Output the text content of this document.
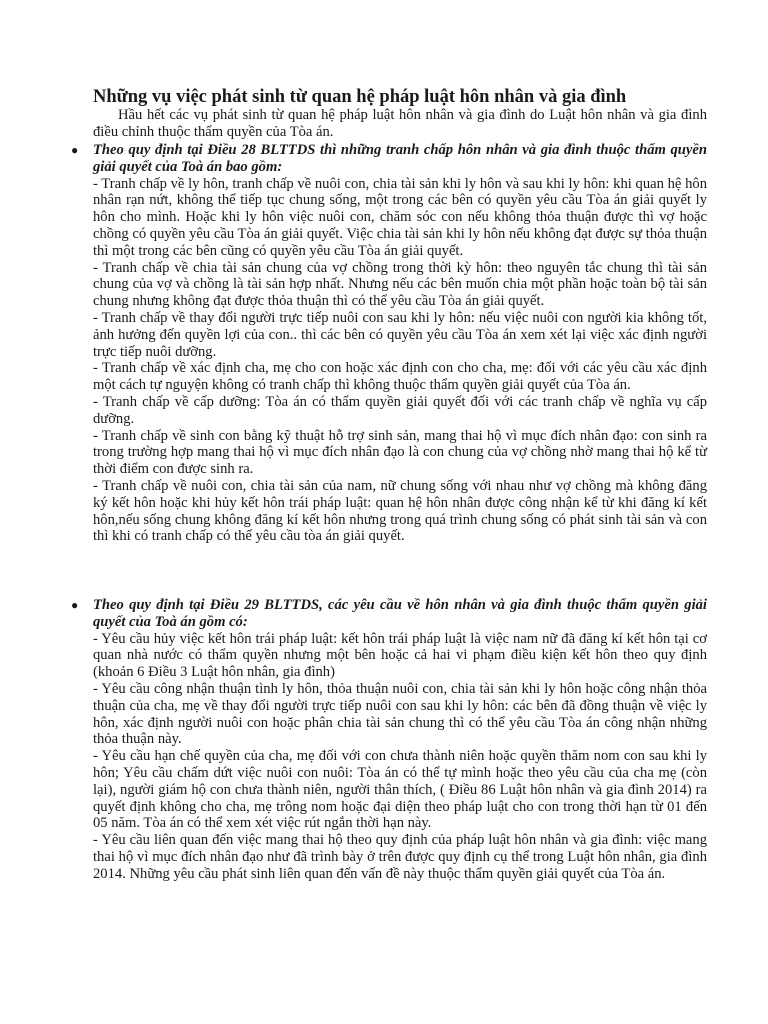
Những vụ việc phát sinh từ quan hệ pháp luật hôn nhân và gia đình

Hầu hết các vụ phát sinh từ quan hệ pháp luật hôn nhân và gia đình do Luật hôn nhân và gia đình điều chỉnh thuộc thẩm quyền của Tòa án.

● Theo quy định tại Điều 28 BLTTDS thì những tranh chấp hôn nhân và gia đình thuộc thẩm quyền giải quyết của Toà án bao gồm:

- Tranh chấp về ly hôn, tranh chấp về nuôi con, chia tài sản khi ly hôn và sau khi ly hôn: khi quan hệ hôn nhân rạn nứt, không thể tiếp tục chung sống, một trong các bên có quyền yêu cầu Tòa án giải quyết ly hôn cho mình. Hoặc khi ly hôn việc nuôi con, chăm sóc con nếu không thỏa thuận được thì vợ hoặc chồng có quyền yêu cầu Tòa án giải quyết. Việc chia tài sản khi ly hôn nếu không đạt được sự thỏa thuận thì một trong các bên cũng có quyền yêu cầu Tòa án giải quyết.

- Tranh chấp về chia tài sản chung của vợ chồng trong thời kỳ hôn: theo nguyên tắc chung thì tài sản chung của vợ và chồng là tài sản hợp nhất. Nhưng nếu các bên muốn chia một phần hoặc toàn bộ tài sản chung nhưng không đạt được thỏa thuận thì có thể yêu cầu Tòa án giải quyết.

- Tranh chấp về thay đổi người trực tiếp nuôi con sau khi ly hôn: nếu việc nuôi con người kia không tốt, ảnh hưởng đến quyền lợi của con.. thì các bên có quyền yêu cầu Tòa án xem xét lại việc xác định người trực tiếp nuôi dưỡng.

- Tranh chấp về xác định cha, mẹ cho con hoặc xác định con cho cha, mẹ: đối với các yêu cầu xác định một cách tự nguyện không có tranh chấp thì không thuộc thẩm quyền giải quyết của Tòa án.

- Tranh chấp về cấp dưỡng: Tòa án có thẩm quyền giải quyết đối với các tranh chấp về nghĩa vụ cấp dưỡng.

- Tranh chấp về sinh con bằng kỹ thuật hỗ trợ sinh sản, mang thai hộ vì mục đích nhân đạo: con sinh ra trong trường hợp mang thai hộ vì mục đích nhân đạo là con chung của vợ chồng nhờ mang thai hộ kể từ thời điểm con được sinh ra.

- Tranh chấp về nuôi con, chia tài sản của nam, nữ chung sống với nhau như vợ chồng mà không đăng ký kết hôn hoặc khi hủy kết hôn trái pháp luật: quan hệ hôn nhân được công nhận kể từ khi đăng kí kết hôn,nếu sống chung không đăng kí kết hôn nhưng trong quá trình chung sống có phát sinh tài sản và con thì khi có tranh chấp có thể yêu cầu tòa án giải quyết.

● Theo quy định tại Điều 29 BLTTDS, các yêu cầu về hôn nhân và gia đình thuộc thẩm quyền giải quyết của Toà án gồm có:

- Yêu cầu hủy việc kết hôn trái pháp luật: kết hôn trái pháp luật là việc nam nữ đã đăng kí kết hôn tại cơ quan nhà nước có thẩm quyền nhưng một bên hoặc cả hai vi phạm điều kiện kết hôn theo quy định (khoản 6 Điều 3 Luật hôn nhân, gia đình)

- Yêu cầu công nhận thuận tình ly hôn, thỏa thuận nuôi con, chia tài sản khi ly hôn hoặc công nhận thỏa thuận của cha, mẹ về thay đổi người trực tiếp nuôi con sau khi ly hôn: các bên đã đồng thuận về việc ly hôn, xác định người nuôi con hoặc phân chia tài sản chung thì có thể yêu cầu Tòa án công nhận những thỏa thuận này.

- Yêu cầu hạn chế quyền của cha, mẹ đối với con chưa thành niên hoặc quyền thăm nom con sau khi ly hôn; Yêu cầu chấm dứt việc nuôi con nuôi: Tòa án có thể tự mình hoặc theo yêu cầu của cha mẹ (còn lại), người giám hộ con chưa thành niên, người thân thích, ( Điều 86 Luật hôn nhân và gia đình 2014) ra quyết định không cho cha, mẹ trông nom hoặc đại diện theo pháp luật cho con trong thời hạn từ 01 đến 05 năm. Tòa án có thể xem xét việc rút ngắn thời hạn này.

- Yêu cầu liên quan đến việc mang thai hộ theo quy định của pháp luật hôn nhân và gia đình: việc mang thai hộ vì mục đích nhân đạo như đã trình bày ở trên được quy định cụ thể trong Luật hôn nhân, gia đình 2014. Những yêu cầu phát sinh liên quan đến vấn đề này thuộc thẩm quyền giải quyết của Tòa án.
